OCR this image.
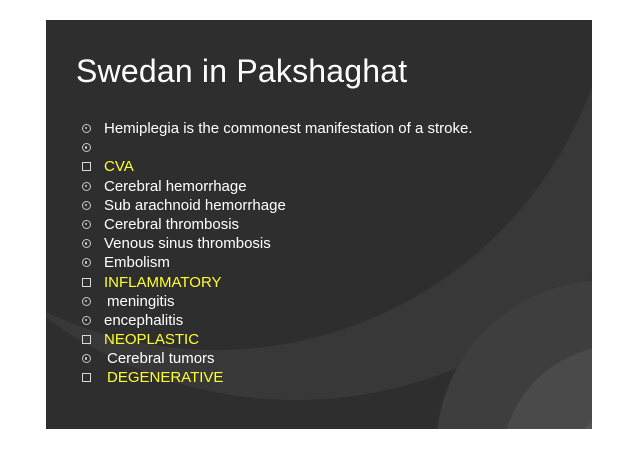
Swedan in Pakshaghat
Hemiplegia is the commonest manifestation of a stroke.
CVA
Cerebral hemorrhage
Sub arachnoid hemorrhage
Cerebral thrombosis
Venous sinus thrombosis
Embolism
INFLAMMATORY
meningitis
encephalitis
NEOPLASTIC
Cerebral tumors
DEGENERATIVE
